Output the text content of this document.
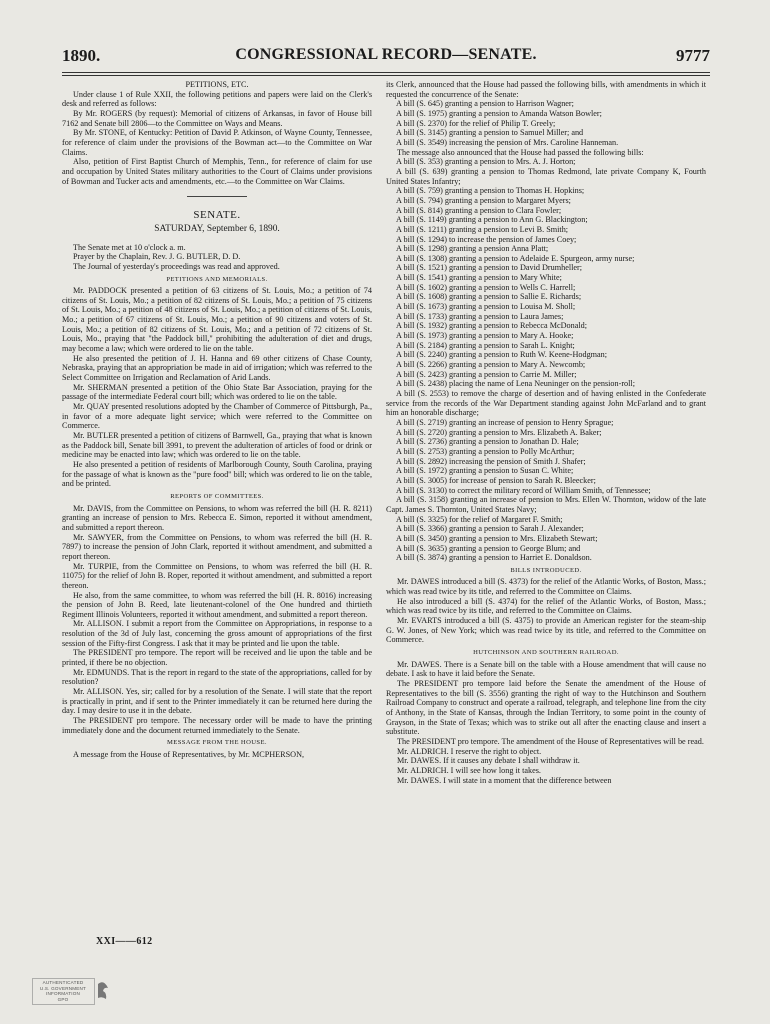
CONGRESSIONAL RECORD—SENATE.
1890.	9777

PETITIONS, ETC.

Under clause 1 of Rule XXII, the following petitions and papers were laid on the Clerk's desk and referred as follows:

By Mr. ROGERS (by request): Memorial of citizens of Arkansas, in favor of House bill 7162 and Senate bill 2806—to the Committee on Ways and Means.

By Mr. STONE, of Kentucky: Petition of David P. Atkinson, of Wayne County, Tennessee, for reference of claim under the provisions of the Bowman act—to the Committee on War Claims.

Also, petition of First Baptist Church of Memphis, Tenn., for reference of claim for use and occupation by United States military authorities to the Court of Claims under provisions of Bowman and Tucker acts and amendments, etc.—to the Committee on War Claims.

SENATE.
SATURDAY, September 6, 1890.

The Senate met at 10 o'clock a. m.

Prayer by the Chaplain, Rev. J. G. BUTLER, D. D.

The Journal of yesterday's proceedings was read and approved.

PETITIONS AND MEMORIALS.

Mr. PADDOCK presented a petition of 63 citizens of St. Louis, Mo.; a petition of 74 citizens of St. Louis, Mo.; a petition of 82 citizens of St. Louis, Mo.; a petition of 75 citizens of St. Louis, Mo.; a petition of 48 citizens of St. Louis, Mo.; a petition of citizens of St. Louis, Mo.; a petition of 67 citizens of St. Louis, Mo.; a petition of 90 citizens and voters of St. Louis, Mo.; a petition of 82 citizens of St. Louis, Mo.; and a petition of 72 citizens of St. Louis, Mo., praying that "the Paddock bill," prohibiting the adulteration of diet and drugs, may become a law; which were ordered to lie on the table.

He also presented the petition of J. H. Hanna and 69 other citizens of Chase County, Nebraska, praying that an appropriation be made in aid of irrigation; which was referred to the Select Committee on Irrigation and Reclamation of Arid Lands.

Mr. SHERMAN presented a petition of the Ohio State Bar Association, praying for the passage of the intermediate Federal court bill; which was ordered to lie on the table.

Mr. QUAY presented resolutions adopted by the Chamber of Commerce of Pittsburgh, Pa., in favor of a more adequate light service; which were referred to the Committee on Commerce.

Mr. BUTLER presented a petition of citizens of Barnwell, Ga., praying that what is known as the Paddock bill, Senate bill 3991, to prevent the adulteration of articles of food or drink or medicine may be enacted into law; which was ordered to lie on the table.

He also presented a petition of residents of Marlborough County, South Carolina, praying for the passage of what is known as the "pure food" bill; which was ordered to lie on the table, and be printed.

REPORTS OF COMMITTEES.

Mr. DAVIS, from the Committee on Pensions, to whom was referred the bill (H. R. 8211) granting an increase of pension to Mrs. Rebecca E. Simon, reported it without amendment, and submitted a report thereon.

Mr. SAWYER, from the Committee on Pensions, to whom was referred the bill (H. R. 7897) to increase the pension of John Clark, reported it without amendment, and submitted a report thereon.

Mr. TURPIE, from the Committee on Pensions, to whom was referred the bill (H. R. 11075) for the relief of John B. Roper, reported it without amendment, and submitted a report thereon.

He also, from the same committee, to whom was referred the bill (H. R. 8016) increasing the pension of John B. Reed, late lieutenant-colonel of the One hundred and thirtieth Regiment Illinois Volunteers, reported it without amendment, and submitted a report thereon.

Mr. ALLISON. I submit a report from the Committee on Appropriations, in response to a resolution of the 3d of July last, concerning the gross amount of appropriations of the first session of the Fifty-first Congress. I ask that it may be printed and lie upon the table.

The PRESIDENT pro tempore. The report will be received and lie upon the table and be printed, if there be no objection.

Mr. EDMUNDS. That is the report in regard to the state of the appropriations, called for by resolution?

Mr. ALLISON. Yes, sir; called for by a resolution of the Senate. I will state that the report is practically in print, and if sent to the Printer immediately it can be returned here during the day. I may desire to use it in the debate.

The PRESIDENT pro tempore. The necessary order will be made to have the printing immediately done and the document returned immediately to the Senate.

MESSAGE FROM THE HOUSE.

A message from the House of Representatives, by Mr. MCPHERSON,

its Clerk, announced that the House had passed the following bills, with amendments in which it requested the concurrence of the Senate:

A bill (S. 645) granting a pension to Harrison Wagner;

A bill (S. 1975) granting a pension to Amanda Watson Bowler;

A bill (S. 2370) for the relief of Philip T. Greely;

A bill (S. 3145) granting a pension to Samuel Miller; and

A bill (S. 3549) increasing the pension of Mrs. Caroline Hanneman.

The message also announced that the House had passed the following bills:

A bill (S. 353) granting a pension to Mrs. A. J. Horton;

A bill (S. 639) granting a pension to Thomas Redmond, late private Company K, Fourth United States Infantry;

A bill (S. 759) granting a pension to Thomas H. Hopkins;

A bill (S. 794) granting a pension to Margaret Myers;

A bill (S. 814) granting a pension to Clara Fowler;

A bill (S. 1149) granting a pension to Ann G. Blackington;

A bill (S. 1211) granting a pension to Levi B. Smith;

A bill (S. 1294) to increase the pension of James Coey;

A bill (S. 1298) granting a pension Anna Platt;

A bill (S. 1308) granting a pension to Adelaide E. Spurgeon, army nurse;

A bill (S. 1521) granting a pension to David Drumheller;

A bill (S. 1541) granting a pension to Mary White;

A bill (S. 1602) granting a pension to Wells C. Harrell;

A bill (S. 1608) granting a pension to Sallie E. Richards;

A bill (S. 1673) granting a pension to Louisa M. Sholl;

A bill (S. 1733) granting a pension to Laura James;

A bill (S. 1932) granting a pension to Rebecca McDonald;

A bill (S. 1973) granting a pension to Mary A. Hooke;

A bill (S. 2184) granting a pension to Sarah L. Knight;

A bill (S. 2240) granting a pension to Ruth W. Keene-Hodgman;

A bill (S. 2266) granting a pension to Mary A. Newcomb;

A bill (S. 2423) granting a pension to Carrie M. Miller;

A bill (S. 2438) placing the name of Lena Neuninger on the pension-roll;

A bill (S. 2553) to remove the charge of desertion and of having enlisted in the Confederate service from the records of the War Department standing against John McFarland and to grant him an honorable discharge;

A bill (S. 2719) granting an increase of pension to Henry Sprague;

A bill (S. 2720) granting a pension to Mrs. Elizabeth A. Baker;

A bill (S. 2736) granting a pension to Jonathan D. Hale;

A bill (S. 2753) granting a pension to Polly McArthur;

A bill (S. 2892) increasing the pension of Smith J. Shafer;

A bill (S. 1972) granting a pension to Susan C. White;

A bill (S. 3005) for increase of pension to Sarah R. Bleecker;

A bill (S. 3130) to correct the military record of William Smith, of Tennessee;

A bill (S. 3158) granting an increase of pension to Mrs. Ellen W. Thornton, widow of the late Capt. James S. Thornton, United States Navy;

A bill (S. 3325) for the relief of Margaret F. Smith;

A bill (S. 3366) granting a pension to Sarah J. Alexander;

A bill (S. 3450) granting a pension to Mrs. Elizabeth Stewart;

A bill (S. 3635) granting a pension to George Blum; and

A bill (S. 3874) granting a pension to Harriet E. Donaldson.

BILLS INTRODUCED.

Mr. DAWES introduced a bill (S. 4373) for the relief of the Atlantic Works, of Boston, Mass.; which was read twice by its title, and referred to the Committee on Claims.

He also introduced a bill (S. 4374) for the relief of the Atlantic Works, of Boston, Mass.; which was read twice by its title, and referred to the Committee on Claims.

Mr. EVARTS introduced a bill (S. 4375) to provide an American register for the steam-ship G. W. Jones, of New York; which was read twice by its title, and referred to the Committee on Commerce.

HUTCHINSON AND SOUTHERN RAILROAD.

Mr. DAWES. There is a Senate bill on the table with a House amendment that will cause no debate. I ask to have it laid before the Senate.

The PRESIDENT pro tempore laid before the Senate the amendment of the House of Representatives to the bill (S. 3556) granting the right of way to the Hutchinson and Southern Railroad Company to construct and operate a railroad, telegraph, and telephone line from the city of Anthony, in the State of Kansas, through the Indian Territory, to some point in the county of Grayson, in the State of Texas; which was to strike out all after the enacting clause and insert a substitute.

The PRESIDENT pro tempore. The amendment of the House of Representatives will be read.

Mr. ALDRICH. I reserve the right to object.

Mr. DAWES. If it causes any debate I shall withdraw it.

Mr. ALDRICH. I will see how long it takes.

Mr. DAWES. I will state in a moment that the difference between

XXI——612
AUTHENTICATED
U.S. GOVERNMENT
INFORMATION
GPO
